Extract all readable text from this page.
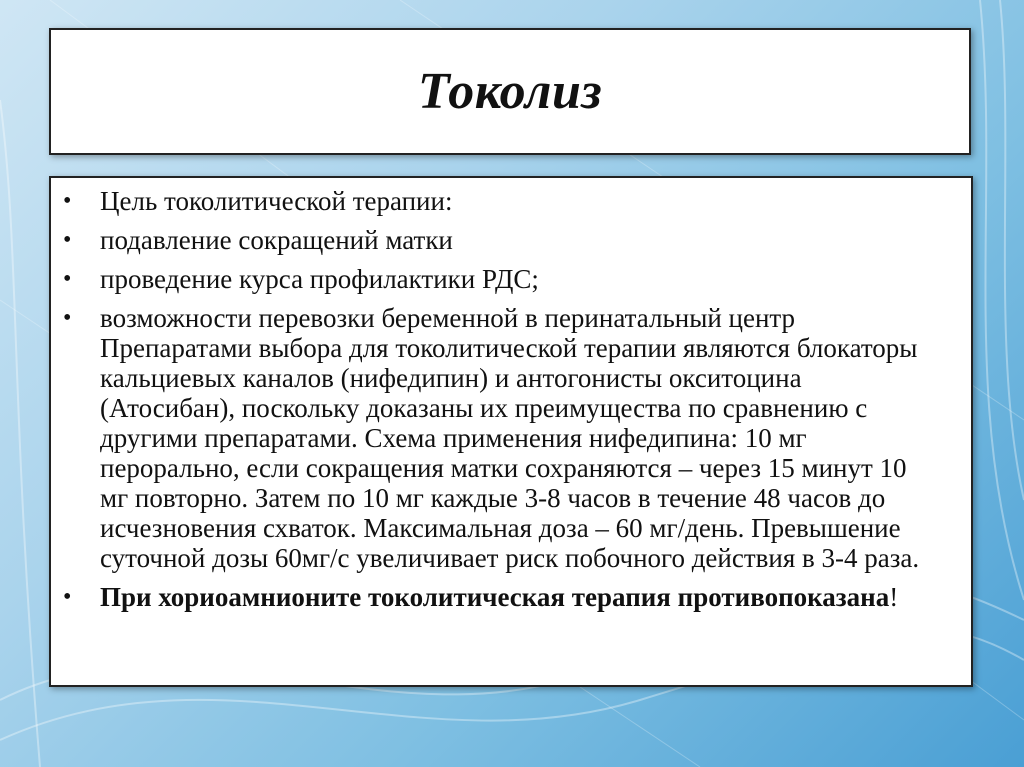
Токолиз
• Цель токолитической терапии:
• подавление сокращений матки
• проведение курса профилактики РДС;
• возможности перевозки беременной в перинатальный центр Препаратами выбора для токолитической терапии являются блокаторы кальциевых каналов (нифедипин) и антогонисты окситоцина (Атосибан), поскольку доказаны их преимущества по сравнению с другими препаратами. Схема применения нифедипина: 10 мг перорально, если сокращения матки сохраняются – через 15 минут 10 мг повторно. Затем по 10 мг каждые 3-8 часов в течение 48 часов до исчезновения схваток. Максимальная доза – 60 мг/день. Превышение суточной дозы 60мг/с увеличивает риск побочного действия в 3-4 раза.
• При хориоамнионите токолитическая терапия противопоказана!
